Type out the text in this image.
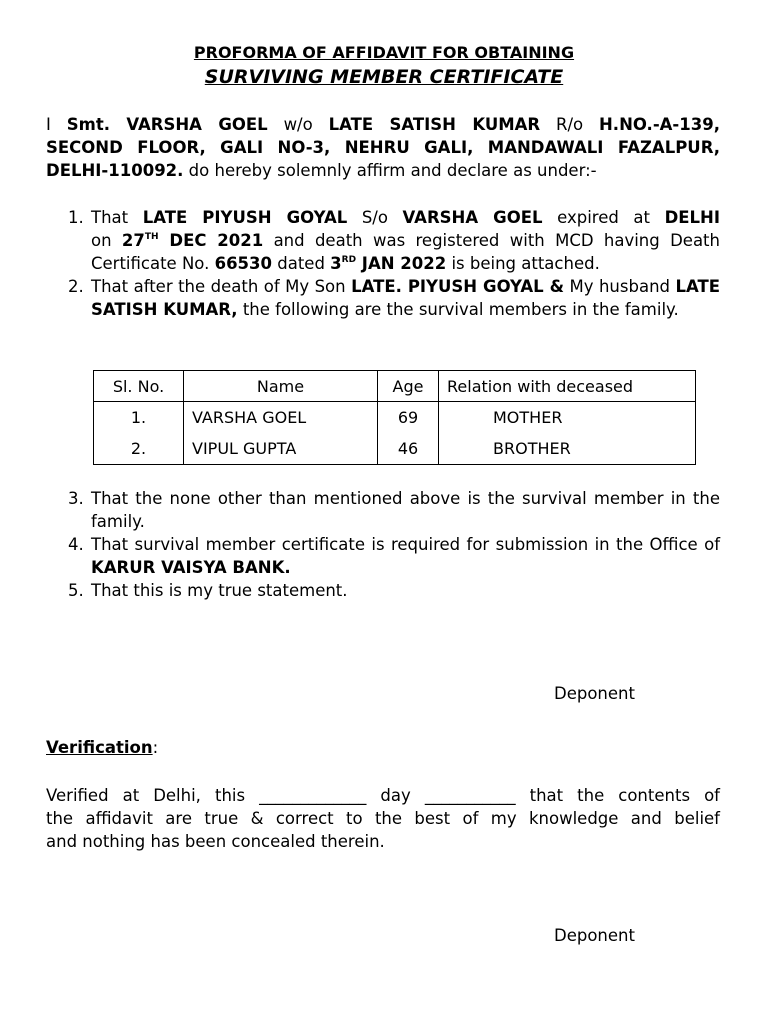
PROFORMA OF AFFIDAVIT FOR OBTAINING
SURVIVING MEMBER CERTIFICATE
I Smt. VARSHA GOEL w/o LATE SATISH KUMAR R/o H.NO.-A-139,
SECOND FLOOR, GALI NO-3, NEHRU GALI, MANDAWALI FAZALPUR,
DELHI-110092. do hereby solemnly affirm and declare as under:-
1. That LATE PIYUSH GOYAL S/o VARSHA GOEL expired at DELHI
on 27TH DEC 2021 and death was registered with MCD having Death
Certificate No. 66530 dated 3RD JAN 2022 is being attached.
2. That after the death of My Son LATE. PIYUSH GOYAL & My husband LATE SATISH KUMAR, the following are the survival members in the family.
Sl. No.	Name	Age	Relation with deceased
1.	VARSHA GOEL	69	MOTHER
2.	VIPUL GUPTA	46	BROTHER
3. That the none other than mentioned above is the survival member in the family.
4. That survival member certificate is required for submission in the Office of KARUR VAISYA BANK.
5. That this is my true statement.
Deponent
Verification:
Verified at Delhi, this _____________ day ___________ that the contents of
the affidavit are true & correct to the best of my knowledge and belief
and nothing has been concealed therein.
Deponent
